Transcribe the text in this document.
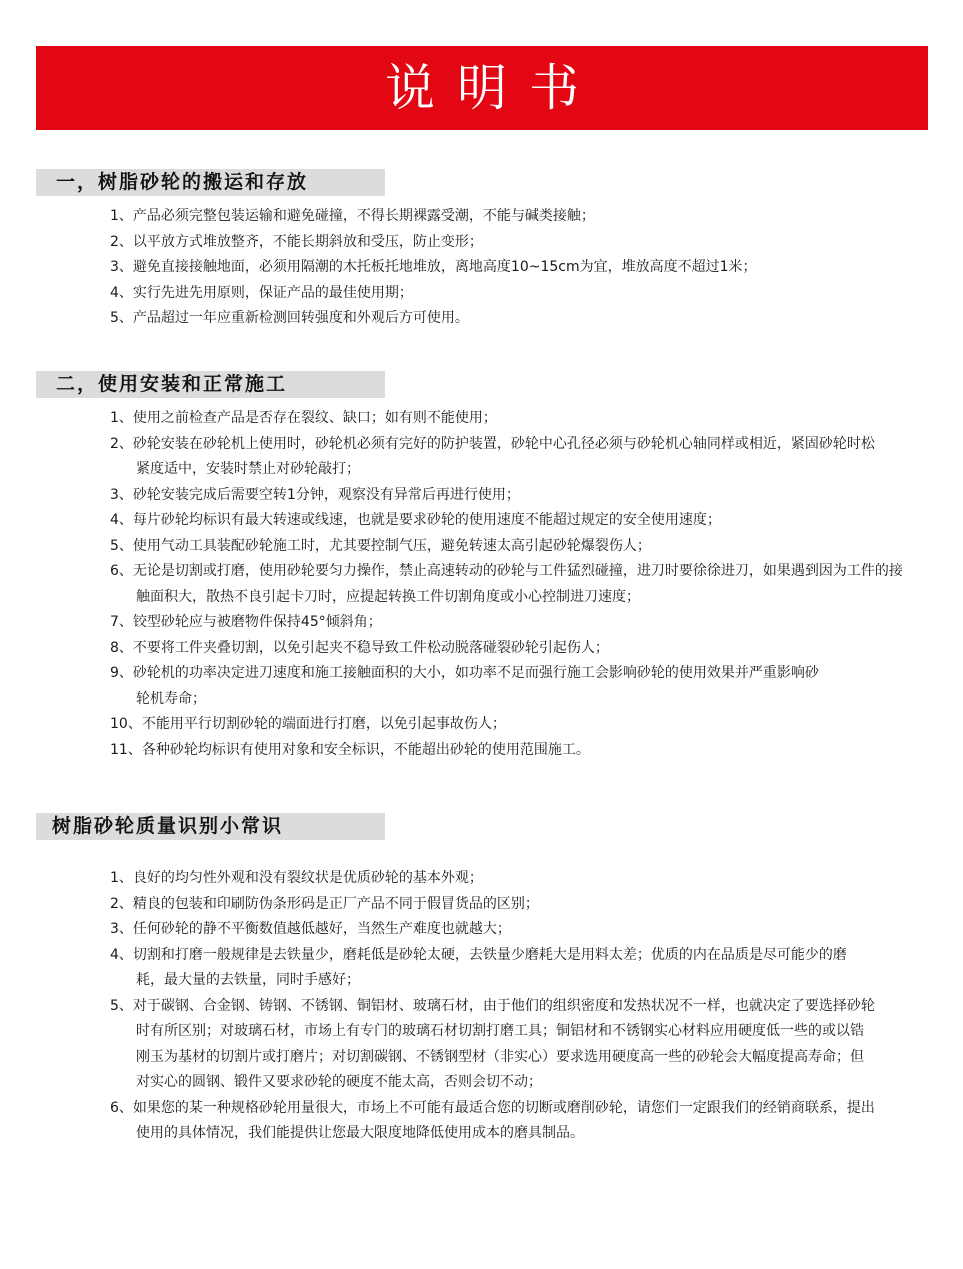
说明书
一，树脂砂轮的搬运和存放
1、产品必须完整包装运输和避免碰撞，不得长期裸露受潮，不能与碱类接触；
2、以平放方式堆放整齐，不能长期斜放和受压，防止变形；
3、避免直接接触地面，必须用隔潮的木托板托地堆放，离地高度10~15cm为宜，堆放高度不超过1米；
4、实行先进先用原则，保证产品的最佳使用期；
5、产品超过一年应重新检测回转强度和外观后方可使用。
二，使用安装和正常施工
1、使用之前检查产品是否存在裂纹、缺口；如有则不能使用；
2、砂轮安装在砂轮机上使用时，砂轮机必须有完好的防护装置，砂轮中心孔径必须与砂轮机心轴同样或相近，紧固砂轮时松紧度适中，安装时禁止对砂轮敲打；
3、砂轮安装完成后需要空转1分钟，观察没有异常后再进行使用；
4、每片砂轮均标识有最大转速或线速，也就是要求砂轮的使用速度不能超过规定的安全使用速度；
5、使用气动工具装配砂轮施工时，尤其要控制气压，避免转速太高引起砂轮爆裂伤人；
6、无论是切割或打磨，使用砂轮要匀力操作，禁止高速转动的砂轮与工件猛烈碰撞，进刀时要徐徐进刀，如果遇到因为工件的接触面积大，散热不良引起卡刀时，应提起转换工件切割角度或小心控制进刀速度；
7、铰型砂轮应与被磨物件保持45°倾斜角；
8、不要将工件夹叠切割，以免引起夹不稳导致工件松动脱落碰裂砂轮引起伤人；
9、砂轮机的功率决定进刀速度和施工接触面积的大小，如功率不足而强行施工会影响砂轮的使用效果并严重影响砂轮机寿命；
10、不能用平行切割砂轮的端面进行打磨，以免引起事故伤人；
11、各种砂轮均标识有使用对象和安全标识，不能超出砂轮的使用范围施工。
树脂砂轮质量识别小常识
1、良好的均匀性外观和没有裂纹状是优质砂轮的基本外观；
2、精良的包装和印刷防伪条形码是正厂产品不同于假冒货品的区别；
3、任何砂轮的静不平衡数值越低越好，当然生产难度也就越大；
4、切割和打磨一般规律是去铁量少，磨耗低是砂轮太硬，去铁量少磨耗大是用料太差；优质的内在品质是尽可能少的磨耗，最大量的去铁量，同时手感好；
5、对于碳钢、合金钢、铸钢、不锈钢、铜铝材、玻璃石材，由于他们的组织密度和发热状况不一样，也就决定了要选择砂轮时有所区别；对玻璃石材，市场上有专门的玻璃石材切割打磨工具；铜铝材和不锈钢实心材料应用硬度低一些的或以锆刚玉为基材的切割片或打磨片；对切割碳钢、不锈钢型材（非实心）要求选用硬度高一些的砂轮会大幅度提高寿命；但对实心的圆钢、锻件又要求砂轮的硬度不能太高，否则会切不动；
6、如果您的某一种规格砂轮用量很大，市场上不可能有最适合您的切断或磨削砂轮，请您们一定跟我们的经销商联系，提出使用的具体情况，我们能提供让您最大限度地降低使用成本的磨具制品。
